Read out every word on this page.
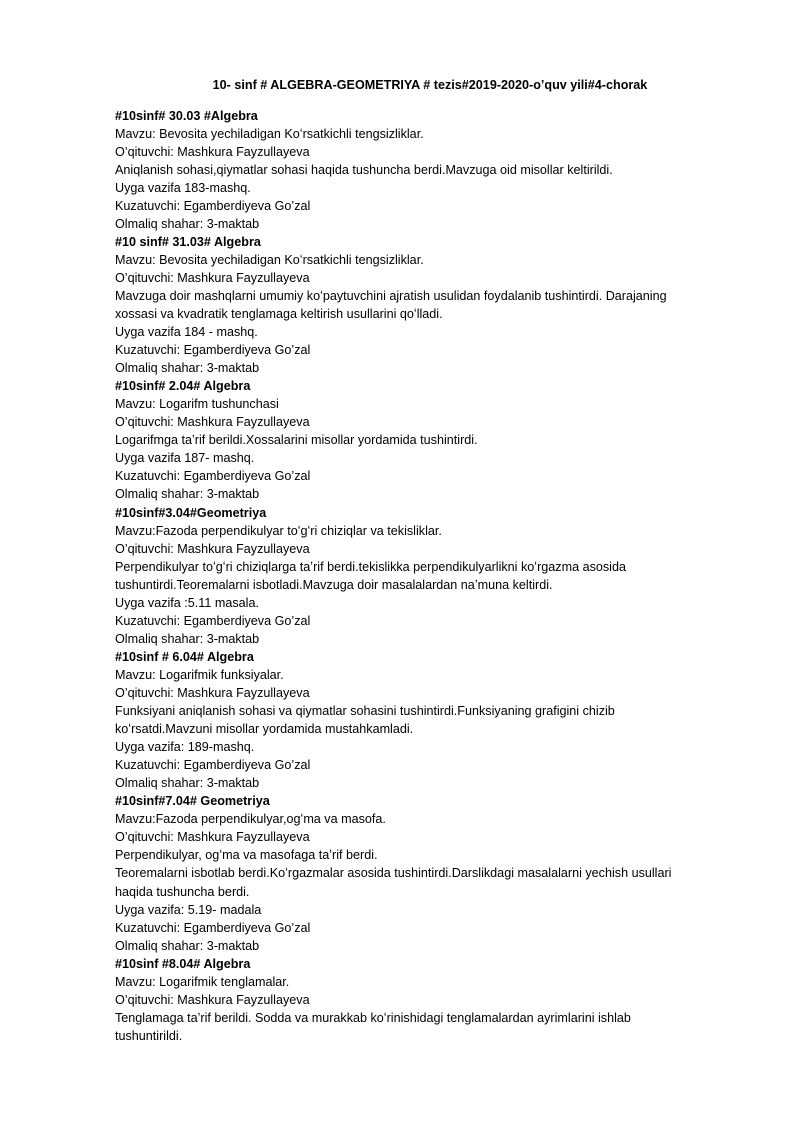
10- sinf # ALGEBRA-GEOMETRIYA # tezis#2019-2020-o’quv yili#4-chorak
#10sinf# 30.03 #Algebra
Mavzu: Bevosita yechiladigan Koʻrsatkichli tengsizliklar.
O’qituvchi: Mashkura Fayzullayeva
Aniqlanish sohasi,qiymatlar sohasi haqida tushuncha berdi.Mavzuga oid misollar keltirildi.
Uyga vazifa 183-mashq.
Kuzatuvchi: Egamberdiyeva Go’zal
Olmaliq shahar: 3-maktab
#10 sinf# 31.03# Algebra
Mavzu: Bevosita yechiladigan Koʻrsatkichli tengsizliklar.
O’qituvchi: Mashkura Fayzullayeva
Mavzuga doir mashqlarni umumiy koʻpaytuvchini ajratish usulidan foydalanib tushintirdi. Darajaning
xossasi va kvadratik tenglamaga keltirish usullarini qoʻlladi.
Uyga vazifa 184 - mashq.
Kuzatuvchi: Egamberdiyeva Go’zal
Olmaliq shahar: 3-maktab
#10sinf# 2.04# Algebra
Mavzu: Logarifm tushunchasi
O’qituvchi: Mashkura Fayzullayeva
Logarifmga taʼrif berildi.Xossalarini misollar yordamida tushintirdi.
Uyga vazifa 187- mashq.
Kuzatuvchi: Egamberdiyeva Go’zal
Olmaliq shahar: 3-maktab
#10sinf#3.04#Geometriya
Mavzu:Fazoda perpendikulyar toʻgʻri chiziqlar va tekisliklar.
O’qituvchi: Mashkura Fayzullayeva
Perpendikulyar toʻgʻri chiziqlarga taʼrif berdi.tekislikka perpendikulyarlikni koʻrgazma asosida
tushuntirdi.Teoremalarni isbotladi.Mavzuga doir masalalardan naʼmuna keltirdi.
Uyga vazifa :5.11 masala.
Kuzatuvchi: Egamberdiyeva Go’zal
Olmaliq shahar: 3-maktab
#10sinf # 6.04# Algebra
Mavzu: Logarifmik funksiyalar.
O’qituvchi: Mashkura Fayzullayeva
Funksiyani aniqlanish sohasi va qiymatlar sohasini tushintirdi.Funksiyaning grafigini chizib
koʻrsatdi.Mavzuni misollar yordamida mustahkamladi.
Uyga vazifa: 189-mashq.
Kuzatuvchi: Egamberdiyeva Go’zal
Olmaliq shahar: 3-maktab
#10sinf#7.04# Geometriya
Mavzu:Fazoda perpendikulyar,ogʻma va masofa.
O’qituvchi: Mashkura Fayzullayeva
Perpendikulyar, ogʻma va masofaga taʼrif berdi.
Teoremalarni isbotlab berdi.Koʻrgazmalar asosida tushintirdi.Darslikdagi masalalarni yechish usullari
haqida tushuncha berdi.
Uyga vazifa: 5.19- madala
Kuzatuvchi: Egamberdiyeva Go’zal
Olmaliq shahar: 3-maktab
#10sinf #8.04# Algebra
Mavzu: Logarifmik tenglamalar.
O’qituvchi: Mashkura Fayzullayeva
Tenglamaga taʼrif berildi. Sodda va murakkab koʻrinishidagi tenglamalardan ayrimlarini ishlab
tushuntirildi.
